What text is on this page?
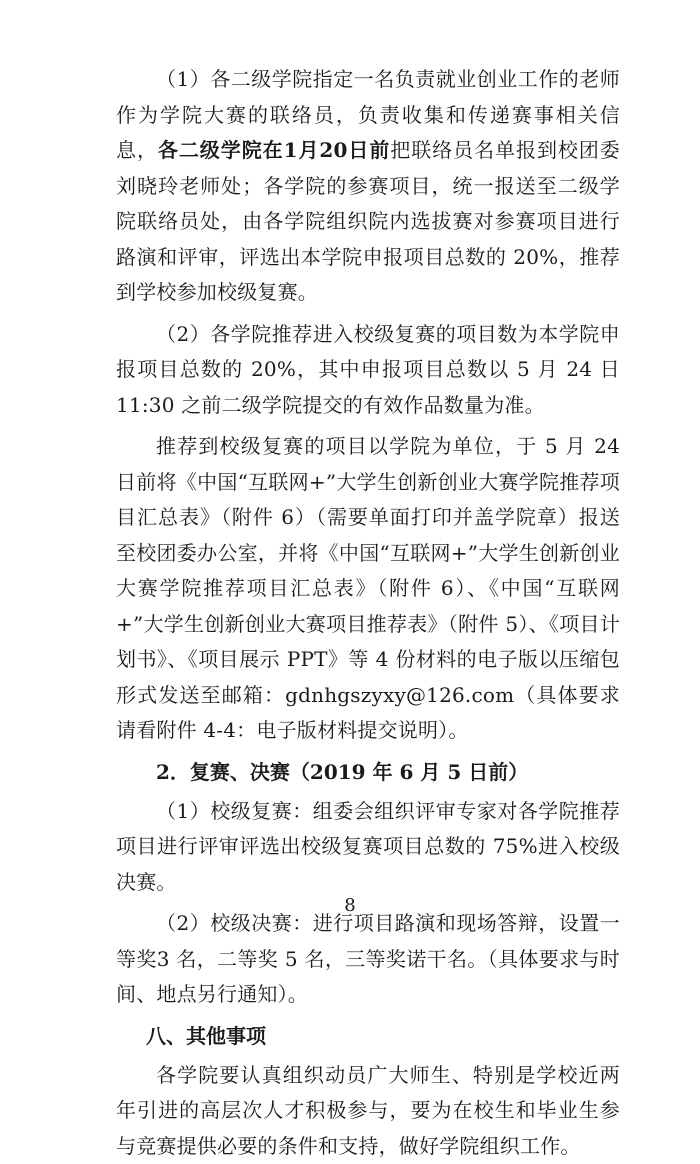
（1）各二级学院指定一名负责就业创业工作的老师作为学院大赛的联络员，负责收集和传递赛事相关信息，各二级学院在1月20日前把联络员名单报到校团委刘晓玲老师处；各学院的参赛项目，统一报送至二级学院联络员处，由各学院组织院内选拔赛对参赛项目进行路演和评审，评选出本学院申报项目总数的 20%，推荐到学校参加校级复赛。

（2）各学院推荐进入校级复赛的项目数为本学院申报项目总数的 20%，其中申报项目总数以 5 月 24 日 11:30 之前二级学院提交的有效作品数量为准。

推荐到校级复赛的项目以学院为单位，于 5 月 24 日前将《中国“互联网+”大学生创新创业大赛学院推荐项目汇总表》（附件 6）（需要单面打印并盖学院章）报送至校团委办公室，并将《中国“互联网+”大学生创新创业大赛学院推荐项目汇总表》（附件 6）、《中国“互联网+”大学生创新创业大赛项目推荐表》（附件 5）、《项目计划书》、《项目展示 PPT》等 4 份材料的电子版以压缩包形式发送至邮箱：gdnhgszyxy@126.com（具体要求请看附件 4-4：电子版材料提交说明）。

2．复赛、决赛（2019 年 6 月 5 日前）

（1）校级复赛：组委会组织评审专家对各学院推荐项目进行评审评选出校级复赛项目总数的 75%进入校级决赛。

（2）校级决赛：进行项目路演和现场答辩，设置一等奖3 名，二等奖 5 名，三等奖诺干名。（具体要求与时间、地点另行通知）。

八、其他事项

各学院要认真组织动员广大师生、特别是学校近两年引进的高层次人才积极参与，要为在校生和毕业生参与竞赛提供必要的条件和支持，做好学院组织工作。

8
